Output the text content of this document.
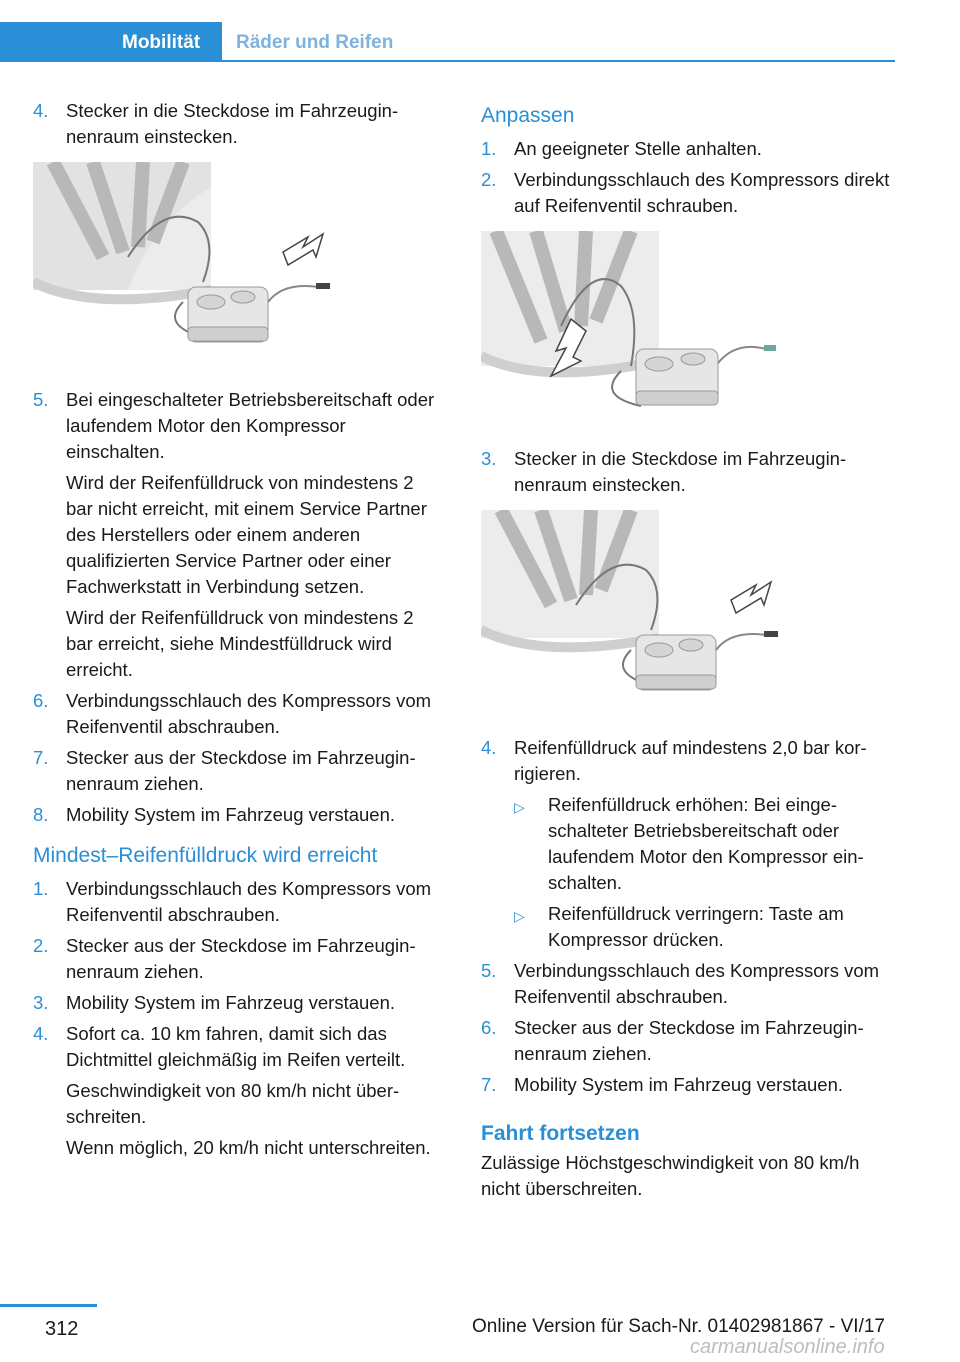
Mobilität	Räder und Reifen
4. Stecker in die Steckdose im Fahrzeuginnenraum einstecken.
5. Bei eingeschalteter Betriebsbereitschaft oder laufendem Motor den Kompressor einschalten.
Wird der Reifenfülldruck von mindestens 2 bar nicht erreicht, mit einem Service Partner des Herstellers oder einem anderen qualifizierten Service Partner oder einer Fachwerkstatt in Verbindung setzen.
Wird der Reifenfülldruck von mindestens 2 bar erreicht, siehe Mindestfülldruck wird erreicht.
6. Verbindungsschlauch des Kompressors vom Reifenventil abschrauben.
7. Stecker aus der Steckdose im Fahrzeuginnenraum ziehen.
8. Mobility System im Fahrzeug verstauen.
Mindest–Reifenfülldruck wird erreicht
1. Verbindungsschlauch des Kompressors vom Reifenventil abschrauben.
2. Stecker aus der Steckdose im Fahrzeuginnenraum ziehen.
3. Mobility System im Fahrzeug verstauen.
4. Sofort ca. 10 km fahren, damit sich das Dichtmittel gleichmäßig im Reifen verteilt.
Geschwindigkeit von 80 km/h nicht überschreiten.
Wenn möglich, 20 km/h nicht unterschreiten.
Anpassen
1. An geeigneter Stelle anhalten.
2. Verbindungsschlauch des Kompressors direkt auf Reifenventil schrauben.
3. Stecker in die Steckdose im Fahrzeuginnenraum einstecken.
4. Reifenfülldruck auf mindestens 2,0 bar korrigieren.
▷	Reifenfülldruck erhöhen: Bei eingeschalteter Betriebsbereitschaft oder laufendem Motor den Kompressor einschalten.
▷	Reifenfülldruck verringern: Taste am Kompressor drücken.
5. Verbindungsschlauch des Kompressors vom Reifenventil abschrauben.
6. Stecker aus der Steckdose im Fahrzeuginnenraum ziehen.
7. Mobility System im Fahrzeug verstauen.
Fahrt fortsetzen
Zulässige Höchstgeschwindigkeit von 80 km/h nicht überschreiten.
312	Online Version für Sach-Nr. 01402981867 - VI/17
carmanualsonline.info
